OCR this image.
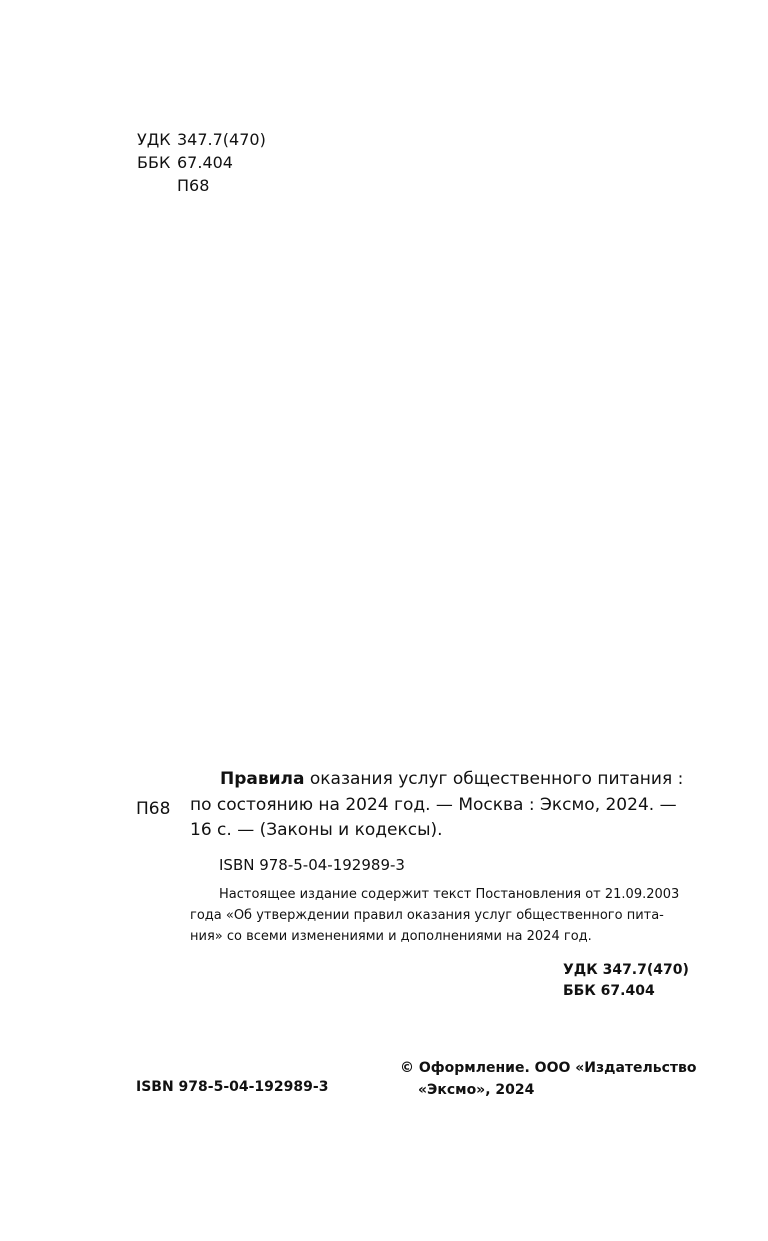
УДК 347.7(470)
ББК 67.404
П68
П68
Правила оказания услуг общественного питания :
по состоянию на 2024 год. — Москва : Эксмо, 2024. —
16 с. — (Законы и кодексы).
ISBN 978-5-04-192989-3
Настоящее издание содержит текст Постановления от 21.09.2003
года «Об утверждении правил оказания услуг общественного пита-
ния» со всеми изменениями и дополнениями на 2024 год.
УДК 347.7(470)
ББК 67.404
© Оформление. ООО «Издательство
«Эксмо», 2024
ISBN 978-5-04-192989-3
